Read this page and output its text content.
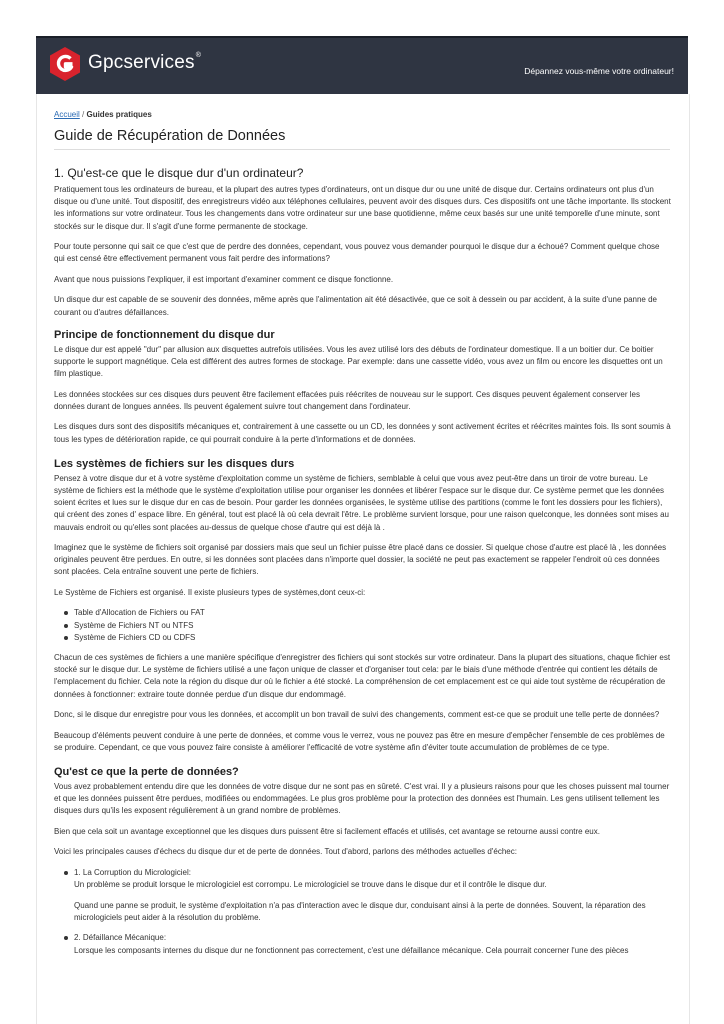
Gpcservices®
Dépannez vous-même votre ordinateur!
Accueil / Guides pratiques
Guide de Récupération de Données
1. Qu'est-ce que le disque dur d'un ordinateur?

Pratiquement tous les ordinateurs de bureau, et la plupart des autres types d'ordinateurs, ont un disque dur ou une unité de disque dur. Certains ordinateurs ont plus d'un disque ou d'une unité. Tout dispositif, des enregistreurs vidéo aux téléphones cellulaires, peuvent avoir des disques durs. Ces dispositifs ont une tâche importante. Ils stockent les informations sur votre ordinateur. Tous les changements dans votre ordinateur sur une base quotidienne, même ceux basés sur une unité temporelle d'une minute, sont stockés sur le disque dur. Il s'agit d'une forme permanente de stockage.

Pour toute personne qui sait ce que c'est que de perdre des données, cependant, vous pouvez vous demander pourquoi le disque dur a échoué? Comment quelque chose qui est censé être effectivement permanent vous fait perdre des informations?

Avant que nous puissions l'expliquer, il est important d'examiner comment ce disque fonctionne.

Un disque dur est capable de se souvenir des données, même après que l'alimentation ait été désactivée, que ce soit à dessein ou par accident, à la suite d'une panne de courant ou d'autres défaillances.

Principe de fonctionnement du disque dur

Le disque dur est appelé "dur" par allusion aux disquettes autrefois utilisées. Vous les avez utilisé lors des débuts de l'ordinateur domestique. Il a un boitier dur. Ce boitier supporte le support magnétique. Cela est différent des autres formes de stockage. Par exemple: dans une cassette vidéo, vous avez un film ou encore les disquettes ont un film plastique.

Les données stockées sur ces disques durs peuvent être facilement effacées puis réécrites de nouveau sur le support. Ces disques peuvent également conserver les données durant de longues années. Ils peuvent également suivre tout changement dans l'ordinateur.

Les disques durs sont des dispositifs mécaniques et, contrairement à une cassette ou un CD, les données y sont activement écrites et réécrites maintes fois. Ils sont soumis à tous les types de détérioration rapide, ce qui pourrait conduire à la perte d'informations et de données.

Les systèmes de fichiers sur les disques durs

Pensez à votre disque dur et à votre système d'exploitation comme un système de fichiers, semblable à celui que vous avez peut-être dans un tiroir de votre bureau. Le système de fichiers est la méthode que le système d'exploitation utilise pour organiser les données et libérer l'espace sur le disque dur. Ce système permet que les données soient écrites et lues sur le disque dur en cas de besoin. Pour garder les données organisées, le système utilise des partitions (comme le font les dossiers pour les fichiers), qui créent des zones d' espace libre. En général, tout est placé là où cela devrait l'être. Le problème survient lorsque, pour une raison quelconque, les données sont mises au mauvais endroit ou qu'elles sont placées au-dessus de quelque chose d'autre qui est déjà là .

Imaginez que le système de fichiers soit organisé par dossiers mais que seul un fichier puisse être placé dans ce dossier. Si quelque chose d'autre est placé là , les données originales peuvent être perdues. En outre, si les données sont placées dans n'importe quel dossier, la société ne peut pas exactement se rappeler l'endroit où ces données sont placées. Cela entraîne souvent une perte de fichiers.

Le Système de Fichiers est organisé. Il existe plusieurs types de systèmes,dont ceux-ci:

Table d'Allocation de Fichiers ou FAT
Système de Fichiers NT ou NTFS
Système de Fichiers CD ou CDFS

Chacun de ces systèmes de fichiers a une manière spécifique d'enregistrer des fichiers qui sont stockés sur votre ordinateur. Dans la plupart des situations, chaque fichier est stocké sur le disque dur. Le système de fichiers utilisé a une façon unique de classer et d'organiser tout cela: par le biais d'une méthode d'entrée qui contient les détails de l'emplacement du fichier. Cela note la région du disque dur où le fichier a été stocké. La compréhension de cet emplacement est ce qui aide tout système de récupération de données à fonctionner: extraire toute donnée perdue d'un disque dur endommagé.

Donc, si le disque dur enregistre pour vous les données, et accomplit un bon travail de suivi des changements, comment est-ce que se produit une telle perte de données?

Beaucoup d'éléments peuvent conduire à une perte de données, et comme vous le verrez, vous ne pouvez pas être en mesure d'empêcher l'ensemble de ces problèmes de se produire. Cependant, ce que vous pouvez faire consiste à améliorer l'efficacité de votre système afin d'éviter toute accumulation de problèmes de ce type.

Qu'est ce que la perte de données?

Vous avez probablement entendu dire que les données de votre disque dur ne sont pas en sûreté. C'est vrai. Il y a plusieurs raisons pour que les choses puissent mal tourner et que les données puissent être perdues, modifiées ou endommagées. Le plus gros problème pour la protection des données est l'humain. Les gens utilisent tellement les disques durs qu'ils les exposent régulièrement à un grand nombre de problèmes.

Bien que cela soit un avantage exceptionnel que les disques durs puissent être si facilement effacés et utilisés, cet avantage se retourne aussi contre eux.

Voici les principales causes d'échecs du disque dur et de perte de données. Tout d'abord, parlons des méthodes actuelles d'échec:

1. La Corruption du Micrologiciel:

Un problème se produit lorsque le micrologiciel est corrompu. Le micrologiciel se trouve dans le disque dur et il contrôle le disque dur.

Quand une panne se produit, le système d'exploitation n'a pas d'interaction avec le disque dur, conduisant ainsi à la perte de données. Souvent, la réparation des micrologiciels peut aider à la résolution du problème.

2. Défaillance Mécanique:

Lorsque les composants internes du disque dur ne fonctionnent pas correctement, c'est une défaillance mécanique. Cela pourrait concerner l'une des pièces
